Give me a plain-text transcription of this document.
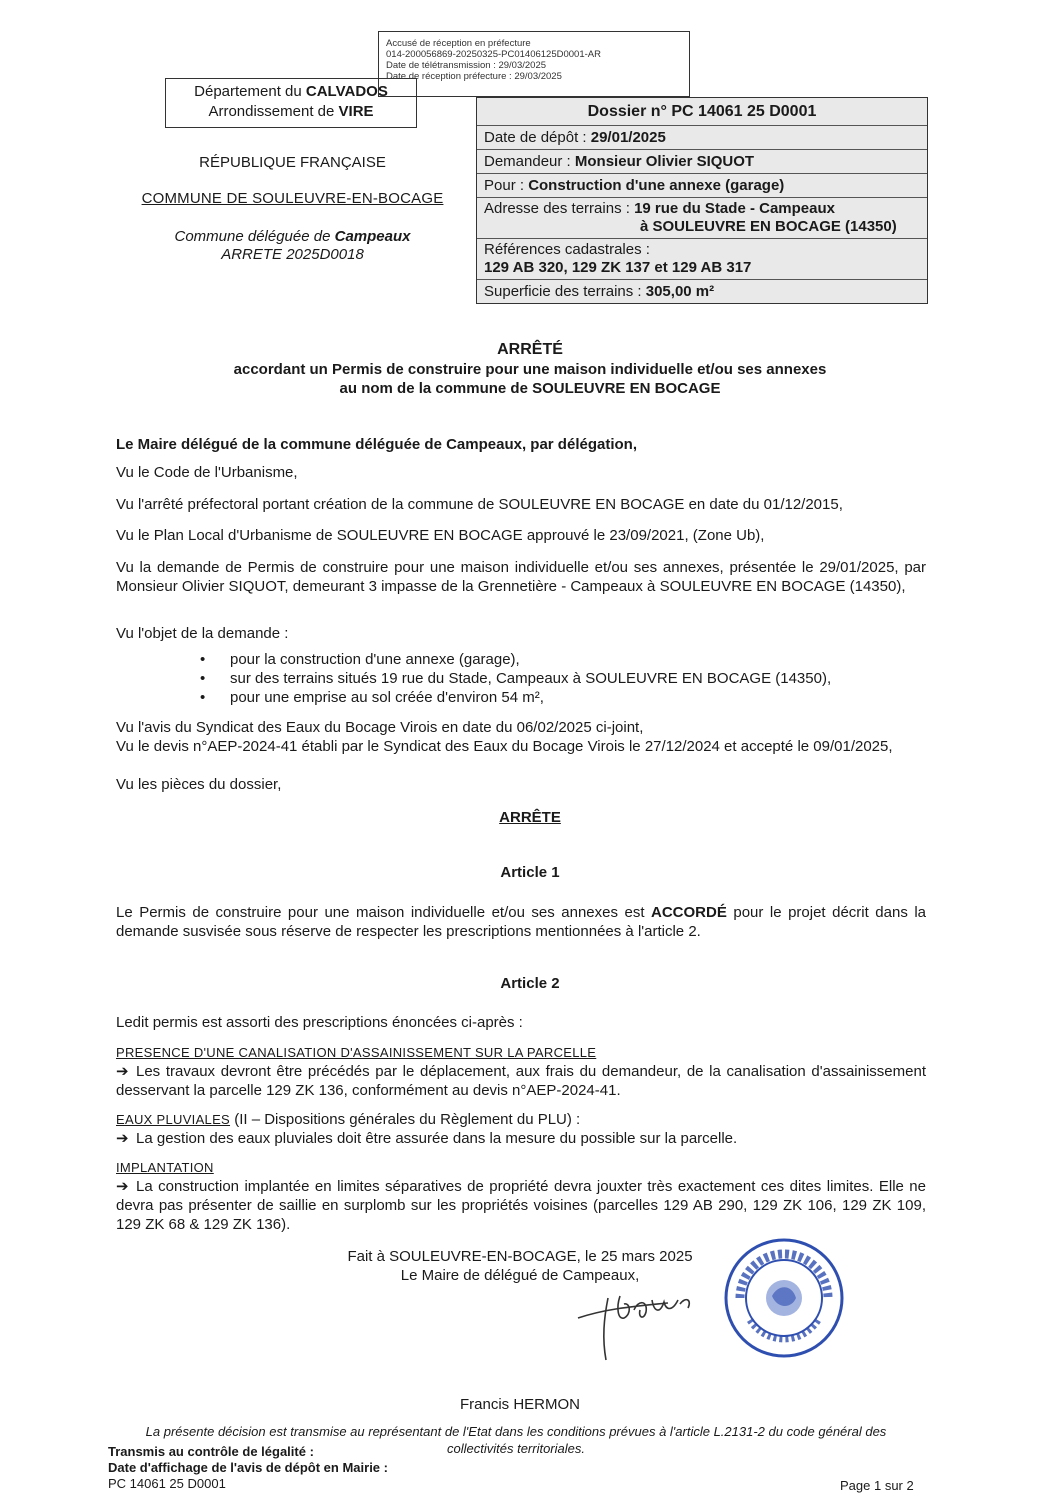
Accusé de réception en préfecture
014-200056869-20250325-PC01406125D0001-AR
Date de télétransmission : 29/03/2025
Date de réception préfecture : 29/03/2025
Département du CALVADOS
Arrondissement de VIRE
RÉPUBLIQUE FRANÇAISE
COMMUNE DE SOULEUVRE-EN-BOCAGE
Commune déléguée de Campeaux
ARRETE 2025D0018
Dossier n° PC 14061 25 D0001
Date de dépôt : 29/01/2025
Demandeur : Monsieur Olivier SIQUOT
Pour : Construction d'une annexe (garage)
Adresse des terrains : 19 rue du Stade - Campeaux
à SOULEUVRE EN BOCAGE (14350)
Références cadastrales :
129 AB 320, 129 ZK 137 et 129 AB 317
Superficie des terrains : 305,00 m²
ARRÊTÉ
accordant un Permis de construire pour une maison individuelle et/ou ses annexes
au nom de la commune de SOULEUVRE EN BOCAGE
Le Maire délégué de la commune déléguée de Campeaux, par délégation,
Vu le Code de l'Urbanisme,
Vu l'arrêté préfectoral portant création de la commune de SOULEUVRE EN BOCAGE en date du 01/12/2015,
Vu le Plan Local d'Urbanisme de SOULEUVRE EN BOCAGE approuvé le 23/09/2021, (Zone Ub),
Vu la demande de Permis de construire pour une maison individuelle et/ou ses annexes, présentée le 29/01/2025, par Monsieur Olivier SIQUOT, demeurant 3 impasse de la Grennetière - Campeaux à SOULEUVRE EN BOCAGE (14350),
Vu l'objet de la demande :
• pour la construction d'une annexe (garage),
• sur des terrains situés 19 rue du Stade, Campeaux à SOULEUVRE EN BOCAGE (14350),
• pour une emprise au sol créée d'environ 54 m²,
Vu l'avis du Syndicat des Eaux du Bocage Virois en date du 06/02/2025 ci-joint,
Vu le devis n°AEP-2024-41 établi par le Syndicat des Eaux du Bocage Virois le 27/12/2024 et accepté le 09/01/2025,
Vu les pièces du dossier,
ARRÊTE
Article 1
Le Permis de construire pour une maison individuelle et/ou ses annexes est ACCORDÉ pour le projet décrit dans la demande susvisée sous réserve de respecter les prescriptions mentionnées à l'article 2.
Article 2
Ledit permis est assorti des prescriptions énoncées ci-après :
PRESENCE D'UNE CANALISATION D'ASSAINISSEMENT SUR LA PARCELLE
➔ Les travaux devront être précédés par le déplacement, aux frais du demandeur, de la canalisation d'assainissement desservant la parcelle 129 ZK 136, conformément au devis n°AEP-2024-41.
EAUX PLUVIALES (II – Dispositions générales du Règlement du PLU) :
➔ La gestion des eaux pluviales doit être assurée dans la mesure du possible sur la parcelle.
IMPLANTATION
➔ La construction implantée en limites séparatives de propriété devra jouxter très exactement ces dites limites. Elle ne devra pas présenter de saillie en surplomb sur les propriétés voisines (parcelles 129 AB 290, 129 ZK 106, 129 ZK 109, 129 ZK 68 & 129 ZK 136).
Fait à SOULEUVRE-EN-BOCAGE, le 25 mars 2025
Le Maire de délégué de Campeaux,
Francis HERMON
La présente décision est transmise au représentant de l'Etat dans les conditions prévues à l'article L.2131-2 du code général des collectivités territoriales.
Transmis au contrôle de légalité :
Date d'affichage de l'avis de dépôt en Mairie :
PC 14061 25 D0001	Page 1 sur 2
